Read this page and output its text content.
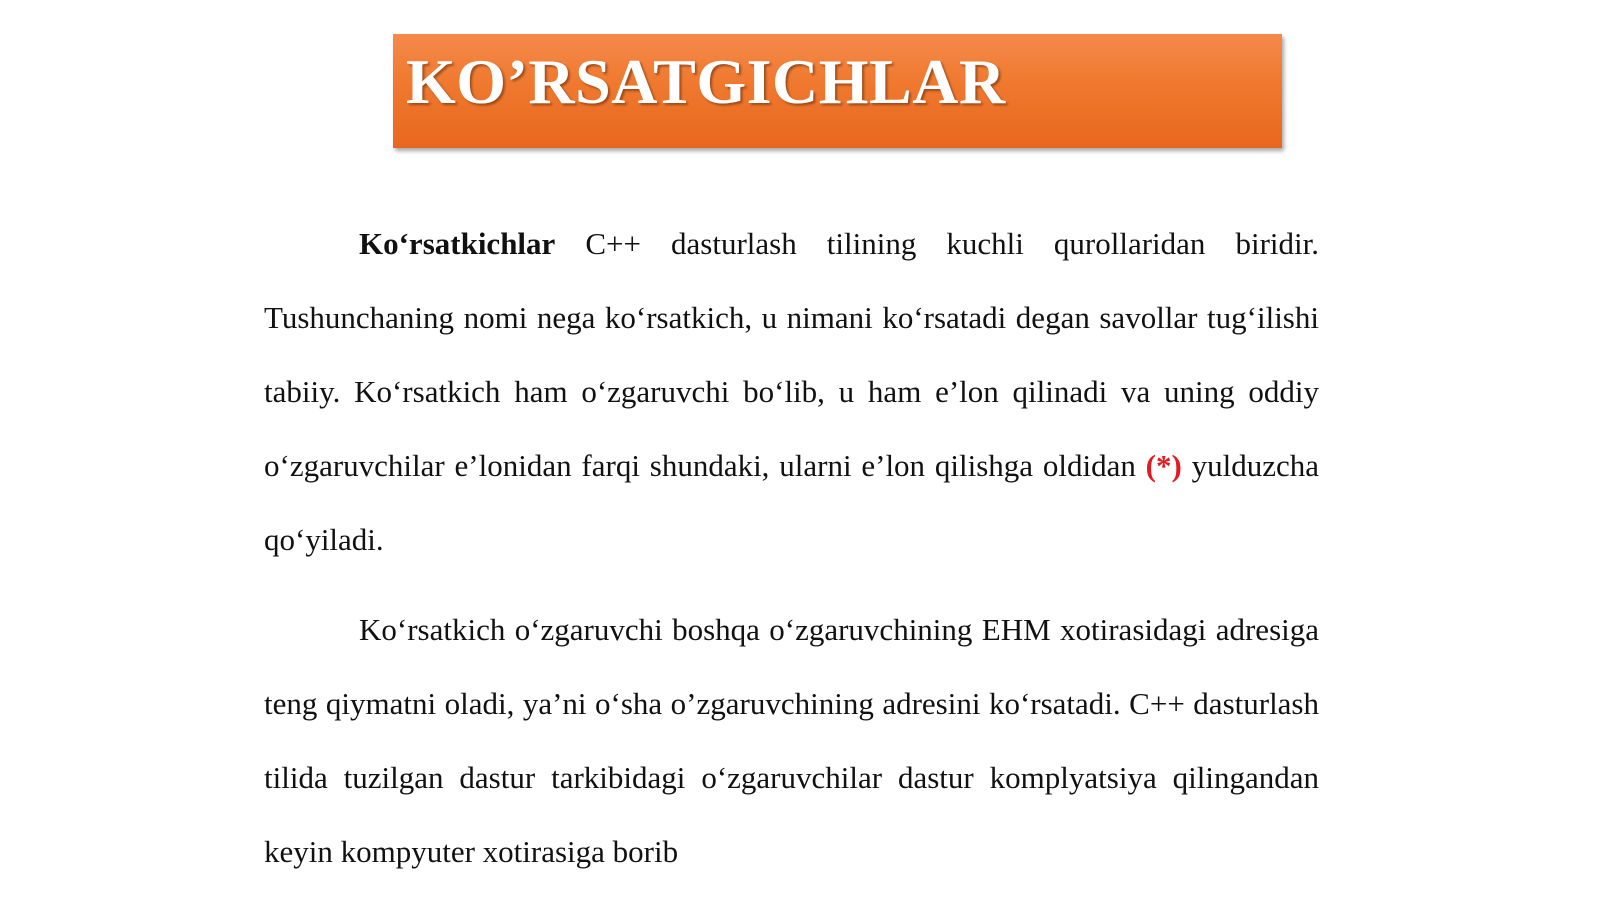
KO’RSATGICHLAR

Ko‘rsatkichlar C++ dasturlash tilining kuchli qurollaridan biridir. Tushunchaning nomi nega ko‘rsatkich, u nimani ko‘rsatadi degan savollar tug‘ilishi tabiiy. Ko‘rsatkich ham o‘zgaruvchi bo‘lib, u ham e’lon qilinadi va uning oddiy o‘zgaruvchilar e’lonidan farqi shundaki, ularni e’lon qilishga oldidan (*) yulduzcha qo‘yiladi.

Ko‘rsatkich o‘zgaruvchi boshqa o‘zgaruvchining EHM xotirasidagi adresiga teng qiymatni oladi, ya’ni o‘sha o’zgaruvchining adresini ko‘rsatadi. C++ dasturlash tilida tuzilgan dastur tarkibidagi o‘zgaruvchilar dastur komplyatsiya qilingandan keyin kompyuter xotirasiga borib
